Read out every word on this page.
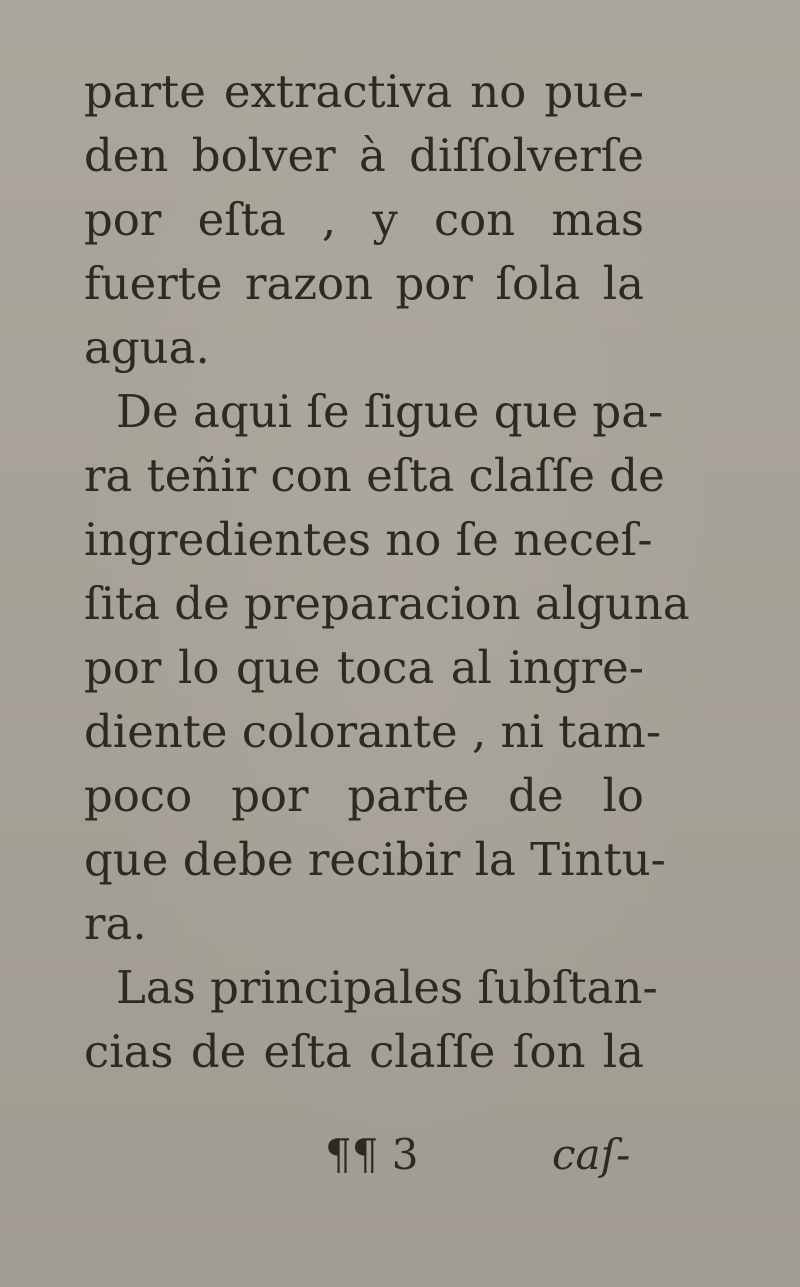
parte extractiva no pue-
den bolver à diſſolverſe
por eſta , y con mas
fuerte razon por ſola la
agua.
De aqui ſe ſigue que pa-
ra teñir con eſta claſſe de
ingredientes no ſe neceſ-
ſita de preparacion alguna
por lo que toca al ingre-
diente colorante , ni tam-
poco por parte de lo
que debe recibir la Tintu-
ra.
Las principales ſubſtan-
cias de eſta claſſe ſon la
¶¶ 3	caſ-
